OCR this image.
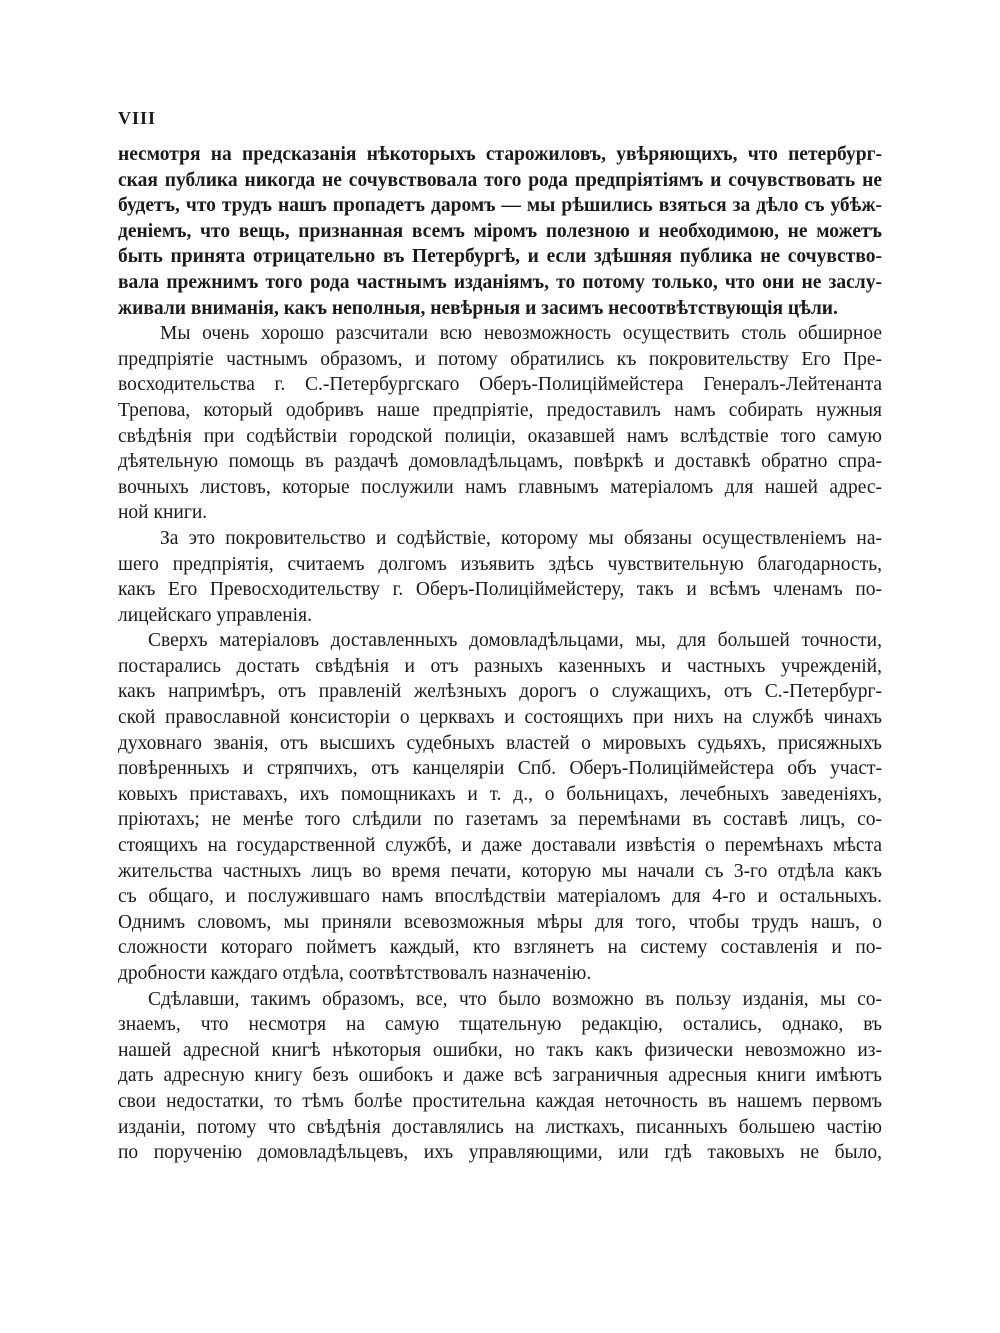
VIII
несмотря на предсказанія нѣкоторыхъ старожиловъ, увѣряющихъ, что петербург-
ская публика никогда не сочувствовала того рода предпріятіямъ и сочувствовать не
будетъ, что трудъ нашъ пропадетъ даромъ — мы рѣшились взяться за дѣло съ убѣж-
деніемъ, что вещь, признанная всемъ міромъ полезною и необходимою, не можетъ
быть принята отрицательно въ Петербургѣ, и если здѣшняя публика не сочувство-
вала прежнимъ того рода частнымъ изданіямъ, то потому только, что они не заслу-
живали вниманія, какъ неполныя, невѣрныя и засимъ несоотвѣтствующія цѣли.
Мы очень хорошо разсчитали всю невозможность осуществить столь обширное
предпріятіе частнымъ образомъ, и потому обратились къ покровительству Его Пре-
восходительства г. С.-Петербургскаго Оберъ-Полицiймейстера Генералъ-Лейтенанта
Трепова, который одобривъ наше предпріятіе, предоставилъ намъ собирать нужныя
свѣдѣнія при содѣйствіи городской полиціи, оказавшей намъ вслѣдствіе того самую
дѣятельную помощь въ раздачѣ домовладѣльцамъ, повѣркѣ и доставкѣ обратно спра-
вочныхъ листовъ, которые послужили намъ главнымъ матеріаломъ для нашей адрес-
ной книги.
За это покровительство и содѣйствіе, которому мы обязаны осуществленіемъ на-
шего предпріятія, считаемъ долгомъ изъявить здѣсь чувствительную благодарность,
какъ Его Превосходительству г. Оберъ-Полицiймейстеру, такъ и всѣмъ членамъ по-
лицейскаго управленія.
Сверхъ матеріаловъ доставленныхъ домовладѣльцами, мы, для большей точности,
постарались достать свѣдѣнія и отъ разныхъ казенныхъ и частныхъ учрежденій,
какъ напримѣръ, отъ правленій желѣзныхъ дорогъ о служащихъ, отъ С.-Петербург-
ской православной консисторіи о церквахъ и состоящихъ при нихъ на службѣ чинахъ
духовнаго званія, отъ высшихъ судебныхъ властей о мировыхъ судьяхъ, присяжныхъ
повѣренныхъ и стряпчихъ, отъ канцеляріи Спб. Оберъ-Полицiймейстера объ участ-
ковыхъ приставахъ, ихъ помощникахъ и т. д., о больницахъ, лечебныхъ заведеніяхъ,
пріютахъ; не менѣе того слѣдили по газетамъ за перемѣнами въ составѣ лицъ, со-
стоящихъ на государственной службѣ, и даже доставали извѣстія о перемѣнахъ мѣста
жительства частныхъ лицъ во время печати, которую мы начали съ 3-го отдѣла какъ
съ общаго, и послужившаго намъ впослѣдствіи матеріаломъ для 4-го и остальныхъ.
Однимъ словомъ, мы приняли всевозможныя мѣры для того, чтобы трудъ нашъ, о
сложности котораго пойметъ каждый, кто взглянетъ на систему составленія и по-
дробности каждаго отдѣла, соотвѣтствовалъ назначенію.
Сдѣлавши, такимъ образомъ, все, что было возможно въ пользу изданія, мы со-
знаемъ, что несмотря на самую тщательную редакцію, остались, однако, въ
нашей адресной книгѣ нѣкоторыя ошибки, но такъ какъ физически невозможно из-
дать адресную книгу безъ ошибокъ и даже всѣ заграничныя адресныя книги имѣютъ
свои недостатки, то тѣмъ болѣе простительна каждая неточность въ нашемъ первомъ
изданіи, потому что свѣдѣнія доставлялись на листкахъ, писанныхъ большею частію
по порученію домовладѣльцевъ, ихъ управляющими, или гдѣ таковыхъ не было,
